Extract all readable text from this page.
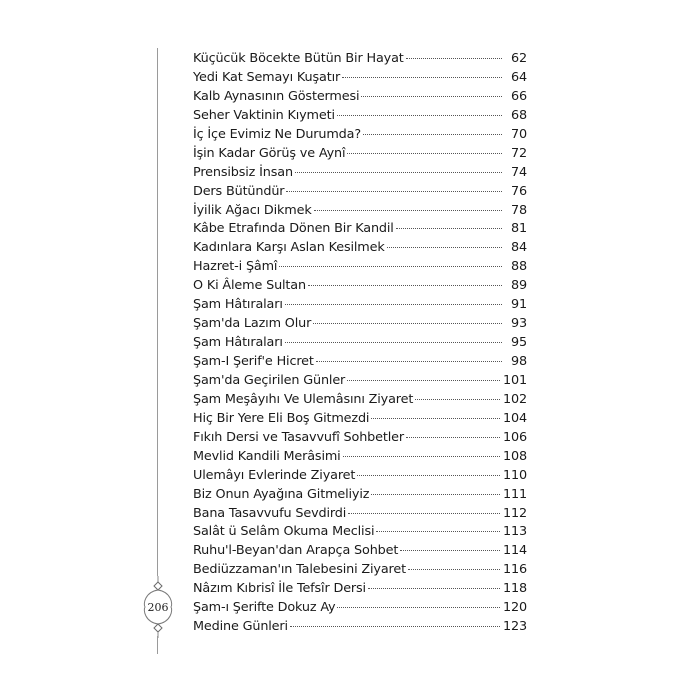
206
Küçücük Böcekte Bütün Bir Hayat	62
Yedi Kat Semayı Kuşatır	64
Kalb Aynasının Göstermesi	66
Seher Vaktinin Kıymeti	68
İç İçe Evimiz Ne Durumda?	70
İşin Kadar Görüş ve Aynî	72
Prensibsiz İnsan	74
Ders Bütündür	76
İyilik Ağacı Dikmek	78
Kâbe Etrafında Dönen Bir Kandil	81
Kadınlara Karşı Aslan Kesilmek	84
Hazret-i Şâmî	88
O Ki Âleme Sultan	89
Şam Hâtıraları	91
Şam'da Lazım Olur	93
Şam Hâtıraları	95
Şam-I Şerif'e Hicret	98
Şam'da Geçirilen Günler	101
Şam Meşâyıhı Ve Ulemâsını Ziyaret	102
Hiç Bir Yere Eli Boş Gitmezdi	104
Fıkıh Dersi ve Tasavvufî Sohbetler	106
Mevlid Kandili Merâsimi	108
Ulemâyı Evlerinde Ziyaret	110
Biz Onun Ayağına Gitmeliyiz	111
Bana Tasavvufu Sevdirdi	112
Salât ü Selâm Okuma Meclisi	113
Ruhu'l-Beyan'dan Arapça Sohbet	114
Bediüzzaman'ın Talebesini Ziyaret	116
Nâzım Kıbrisî İle Tefsîr Dersi	118
Şam-ı Şerifte Dokuz Ay	120
Medine Günleri	123
